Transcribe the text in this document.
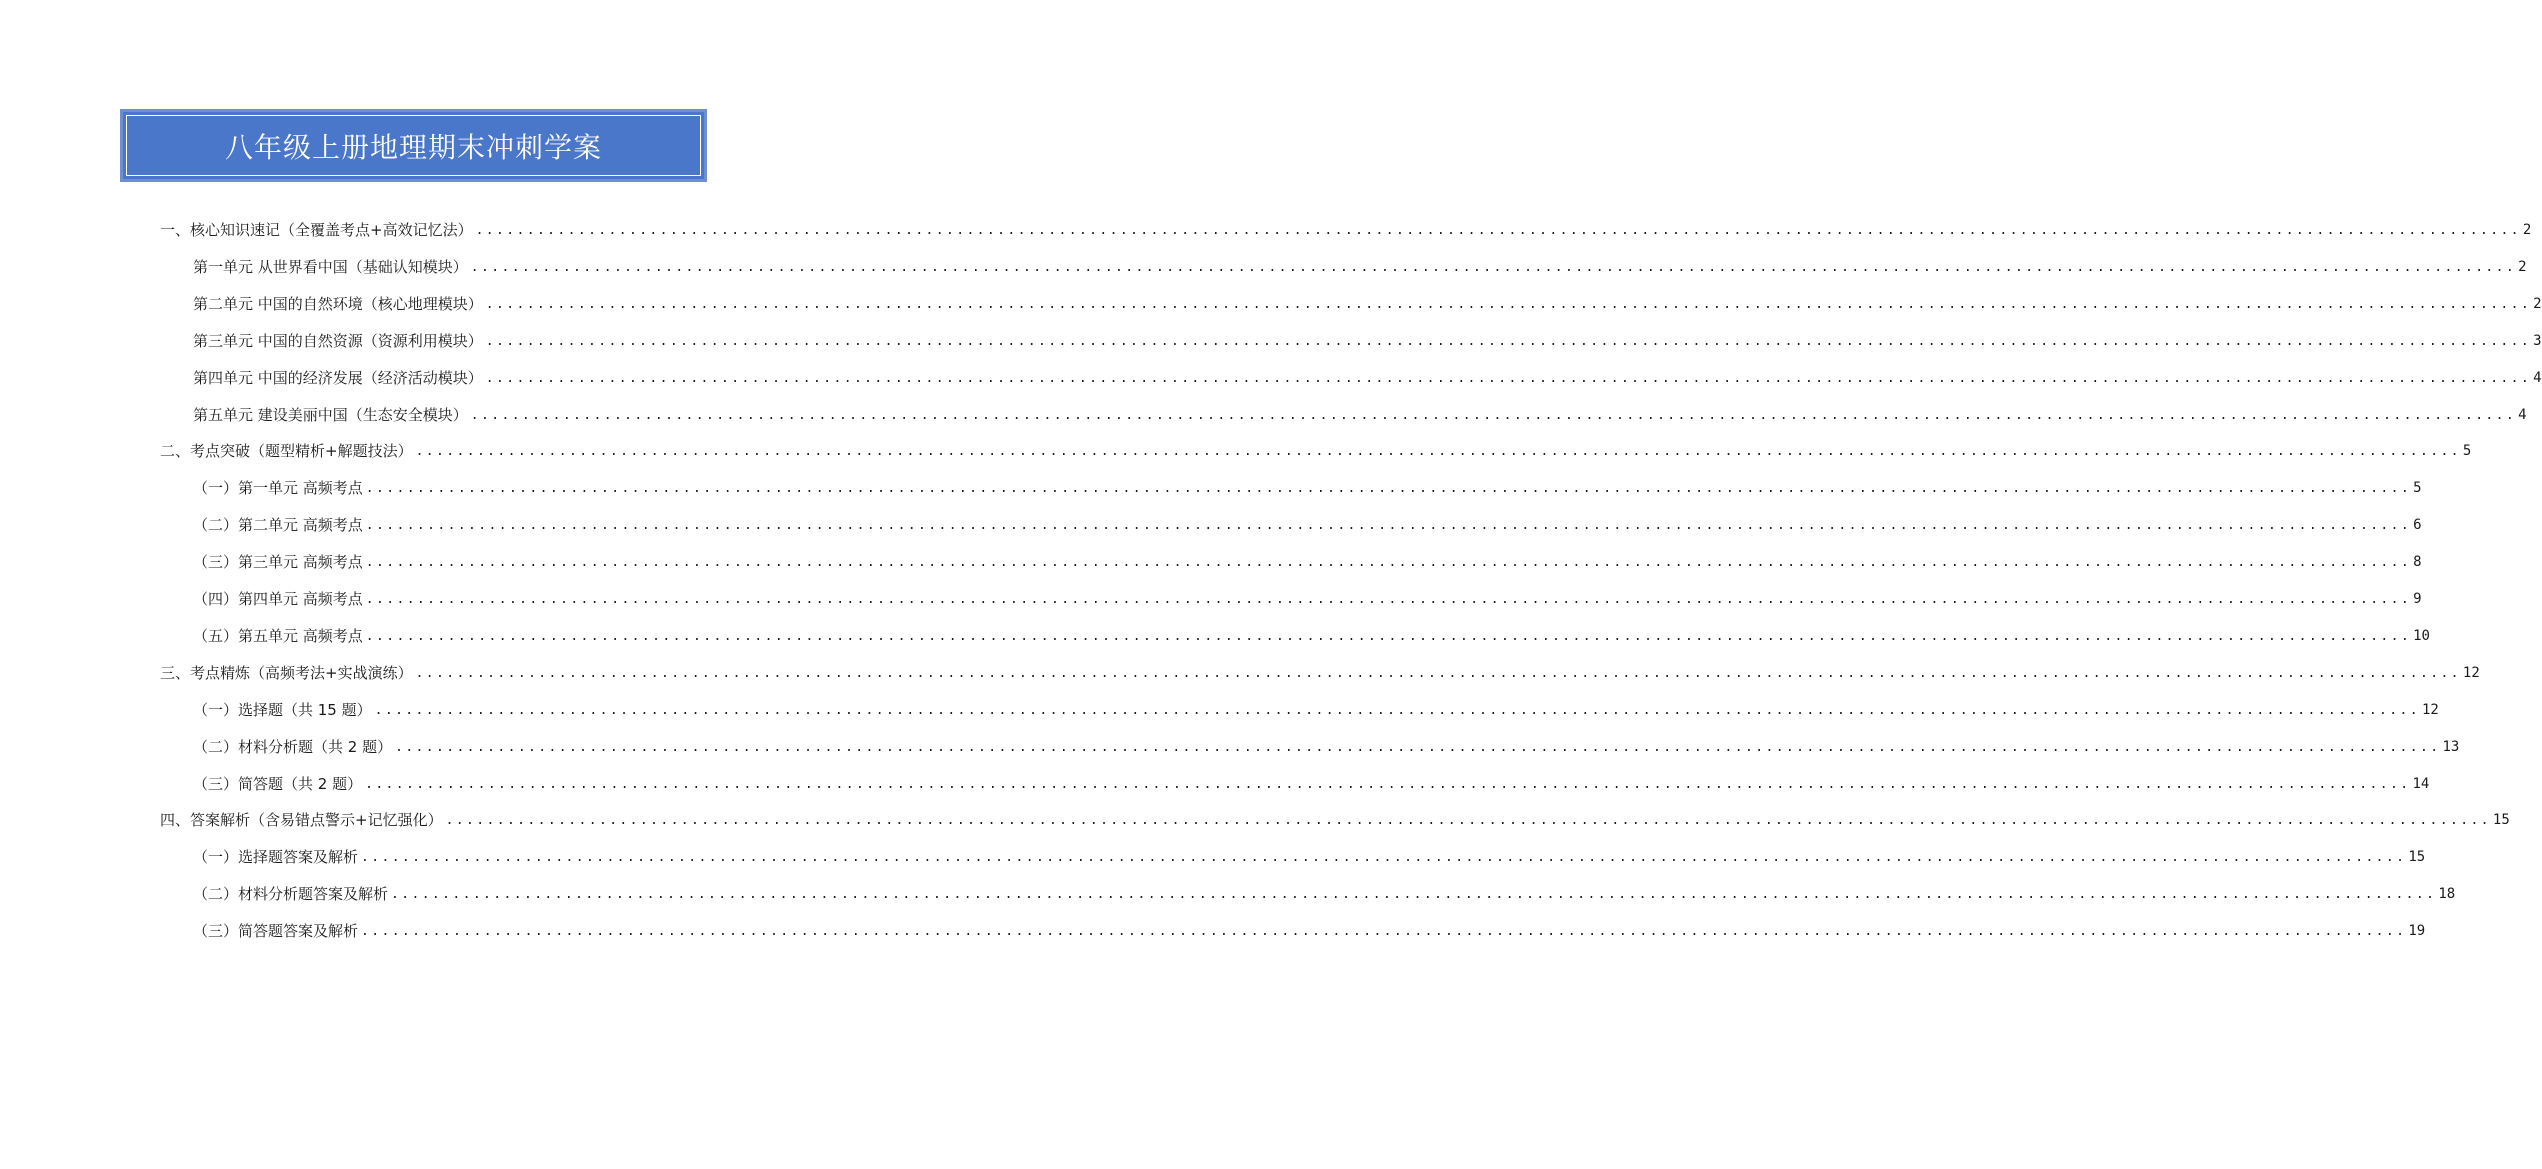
八年级上册地理期末冲刺学案
一、核心知识速记（全覆盖考点+高效记忆法） ........................................................................................................................................................................................................ 2
第一单元 从世界看中国（基础认知模块） ........................................................................................................................................................................................................ 2
第二单元 中国的自然环境（核心地理模块） ........................................................................................................................................................................................................ 2
第三单元 中国的自然资源（资源利用模块） ........................................................................................................................................................................................................ 3
第四单元 中国的经济发展（经济活动模块） ........................................................................................................................................................................................................ 4
第五单元 建设美丽中国（生态安全模块） ........................................................................................................................................................................................................ 4
二、考点突破（题型精析+解题技法） ........................................................................................................................................................................................................ 5
（一）第一单元 高频考点 ........................................................................................................................................................................................................ 5
（二）第二单元 高频考点 ........................................................................................................................................................................................................ 6
（三）第三单元 高频考点 ........................................................................................................................................................................................................ 8
（四）第四单元 高频考点 ........................................................................................................................................................................................................ 9
（五）第五单元 高频考点 ........................................................................................................................................................................................................ 10
三、考点精炼（高频考法+实战演练） ........................................................................................................................................................................................................ 12
（一）选择题（共 15 题） ........................................................................................................................................................................................................ 12
（二）材料分析题（共 2 题） ........................................................................................................................................................................................................ 13
（三）简答题（共 2 题） ........................................................................................................................................................................................................ 14
四、答案解析（含易错点警示+记忆强化） ........................................................................................................................................................................................................ 15
（一）选择题答案及解析 ........................................................................................................................................................................................................ 15
（二）材料分析题答案及解析 ........................................................................................................................................................................................................ 18
（三）简答题答案及解析 ........................................................................................................................................................................................................ 19
